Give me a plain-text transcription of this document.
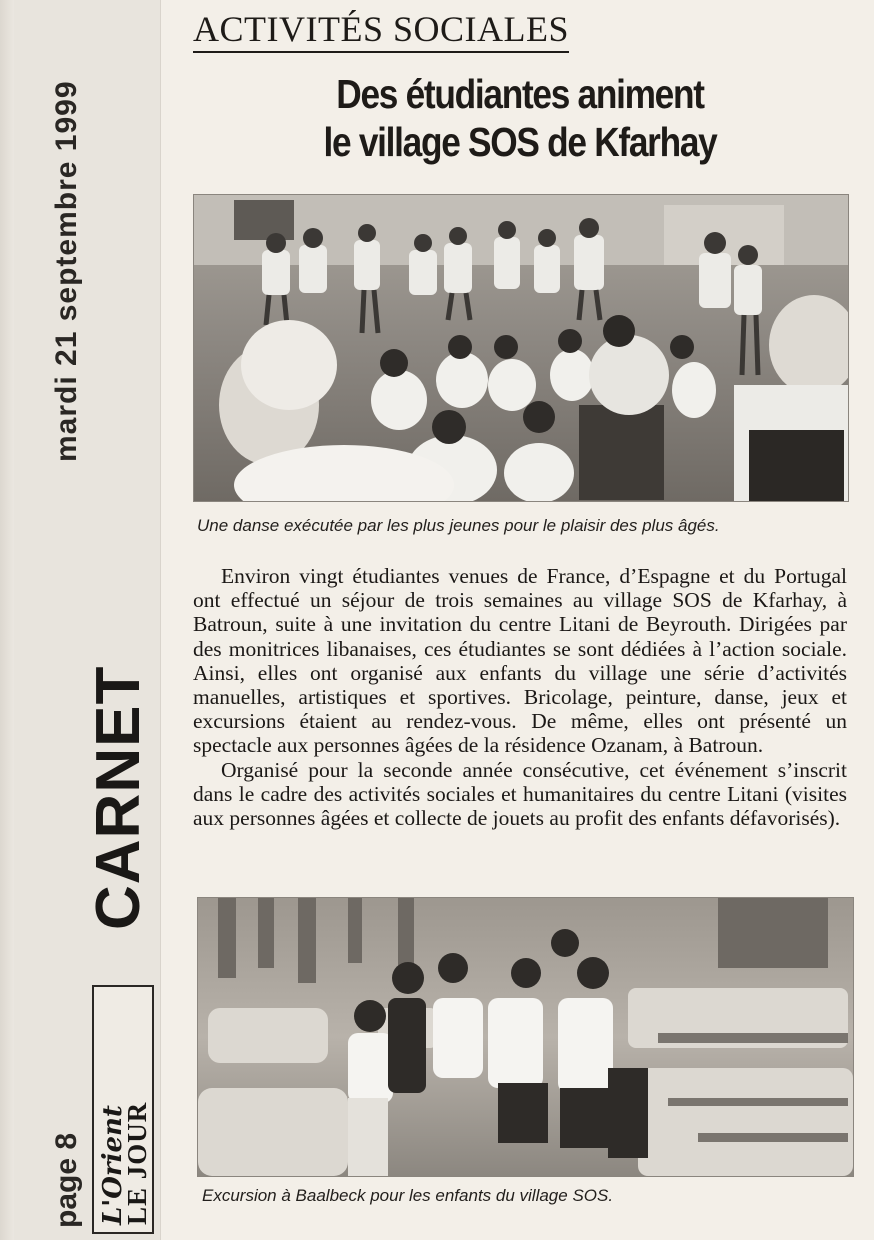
mardi 21 septembre 1999
CARNET
L'Orient
LE JOUR
page 8
ACTIVITÉS SOCIALES
Des étudiantes animent
le village SOS de Kfarhay
Une danse exécutée par les plus jeunes pour le plaisir des plus âgés.

Environ vingt étudiantes venues de France, d’Espagne et du Portugal ont effectué un séjour de trois semaines au village SOS de Kfarhay, à Batroun, suite à une invitation du centre Litani de Beyrouth. Dirigées par des monitrices libanaises, ces étudiantes se sont dédiées à l’action sociale. Ainsi, elles ont organisé aux enfants du village une série d’activités manuelles, artistiques et sportives. Bricolage, peinture, danse, jeux et excursions étaient au rendez-vous. De même, elles ont présenté un spectacle aux personnes âgées de la résidence Ozanam, à Batroun.

Organisé pour la seconde année consécutive, cet événement s’inscrit dans le cadre des activités sociales et humanitaires du centre Litani (visites aux personnes âgées et collecte de jouets au profit des enfants défavorisés).

Excursion à Baalbeck pour les enfants du village SOS.
